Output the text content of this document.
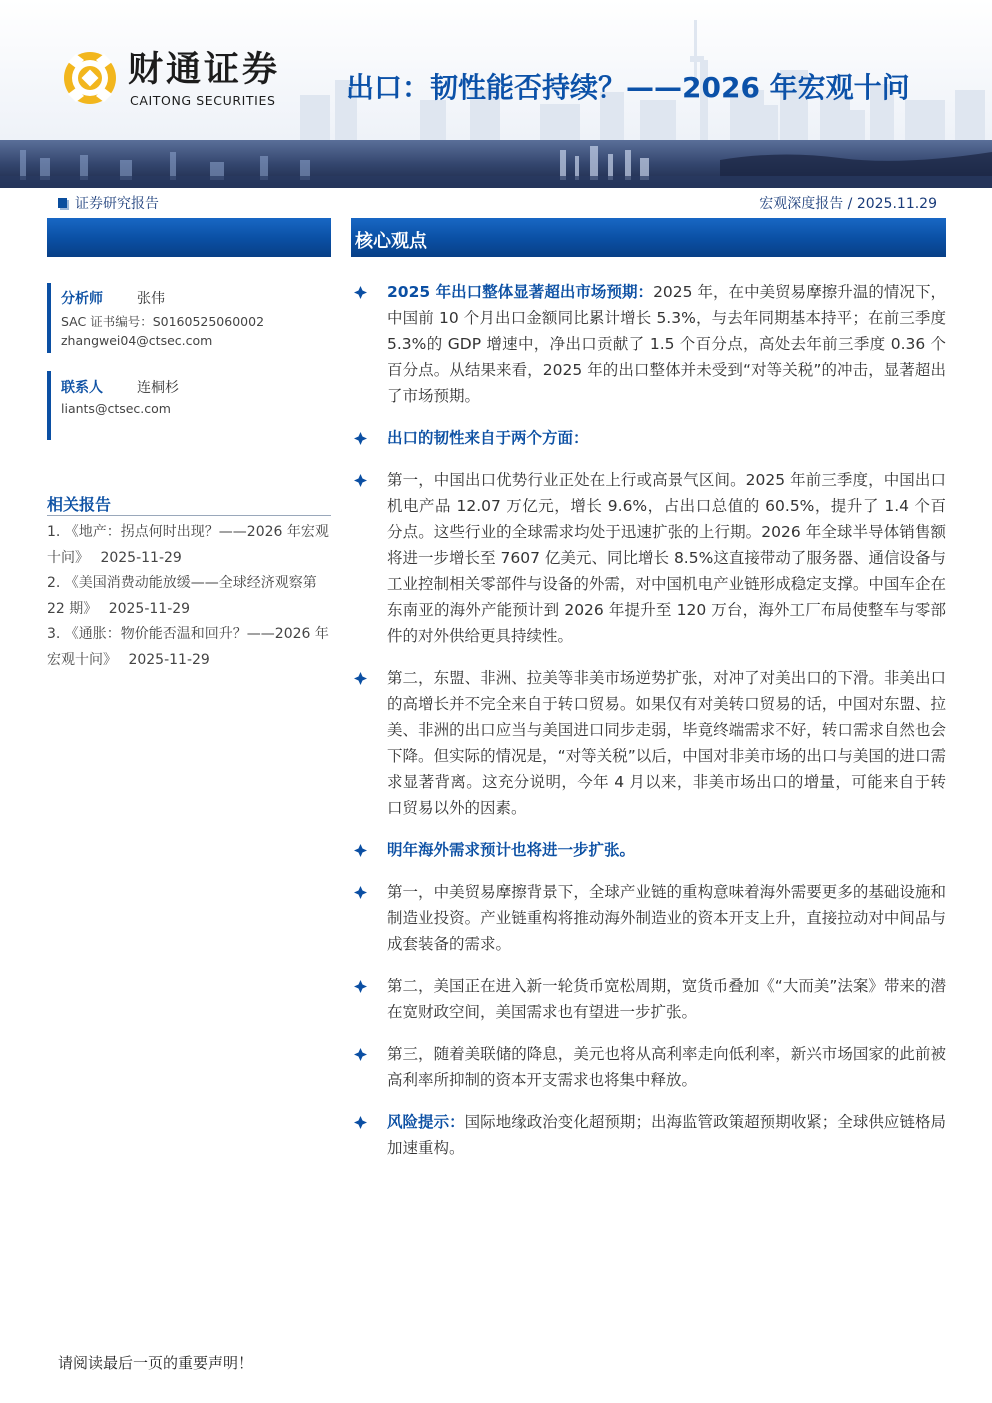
财通证券
CAITONG SECURITIES	出口：韧性能否持续？——2026 年宏观十问
证券研究报告	宏观深度报告 / 2025.11.29
分析师 张伟
SAC 证书编号：S0160525060002
zhangwei04@ctsec.com
联系人 连桐杉
liants@ctsec.com
相关报告
1. 《地产：拐点何时出现？——2026 年宏观十问》　 2025-11-29
2. 《美国消费动能放缓——全球经济观察第 22 期》　 2025-11-29
3. 《通胀：物价能否温和回升？——2026 年宏观十问》　 2025-11-29
核心观点
2025 年出口整体显著超出市场预期：2025 年，在中美贸易摩擦升温的情况下，中国前 10 个月出口金额同比累计增长 5.3%，与去年同期基本持平；在前三季度 5.3%的 GDP 增速中，净出口贡献了 1.5 个百分点，高处去年前三季度 0.36 个百分点。从结果来看，2025 年的出口整体并未受到“对等关税”的冲击，显著超出了市场预期。
出口的韧性来自于两个方面：
第一，中国出口优势行业正处在上行或高景气区间。2025 年前三季度，中国出口机电产品 12.07 万亿元，增长 9.6%，占出口总值的 60.5%，提升了 1.4 个百分点。这些行业的全球需求均处于迅速扩张的上行期。2026 年全球半导体销售额将进一步增长至 7607 亿美元、同比增长 8.5%这直接带动了服务器、通信设备与工业控制相关零部件与设备的外需，对中国机电产业链形成稳定支撑。中国车企在东南亚的海外产能预计到 2026 年提升至 120 万台，海外工厂布局使整车与零部件的对外供给更具持续性。
第二，东盟、非洲、拉美等非美市场逆势扩张，对冲了对美出口的下滑。非美出口的高增长并不完全来自于转口贸易。如果仅有对美转口贸易的话，中国对东盟、拉美、非洲的出口应当与美国进口同步走弱，毕竟终端需求不好，转口需求自然也会下降。但实际的情况是，“对等关税”以后，中国对非美市场的出口与美国的进口需求显著背离。这充分说明，今年 4 月以来，非美市场出口的增量，可能来自于转口贸易以外的因素。
明年海外需求预计也将进一步扩张。
第一，中美贸易摩擦背景下，全球产业链的重构意味着海外需要更多的基础设施和制造业投资。产业链重构将推动海外制造业的资本开支上升，直接拉动对中间品与成套装备的需求。
第二，美国正在进入新一轮货币宽松周期，宽货币叠加《“大而美”法案》带来的潜在宽财政空间，美国需求也有望进一步扩张。
第三，随着美联储的降息，美元也将从高利率走向低利率，新兴市场国家的此前被高利率所抑制的资本开支需求也将集中释放。
风险提示：国际地缘政治变化超预期；出海监管政策超预期收紧；全球供应链格局加速重构。
请阅读最后一页的重要声明！
